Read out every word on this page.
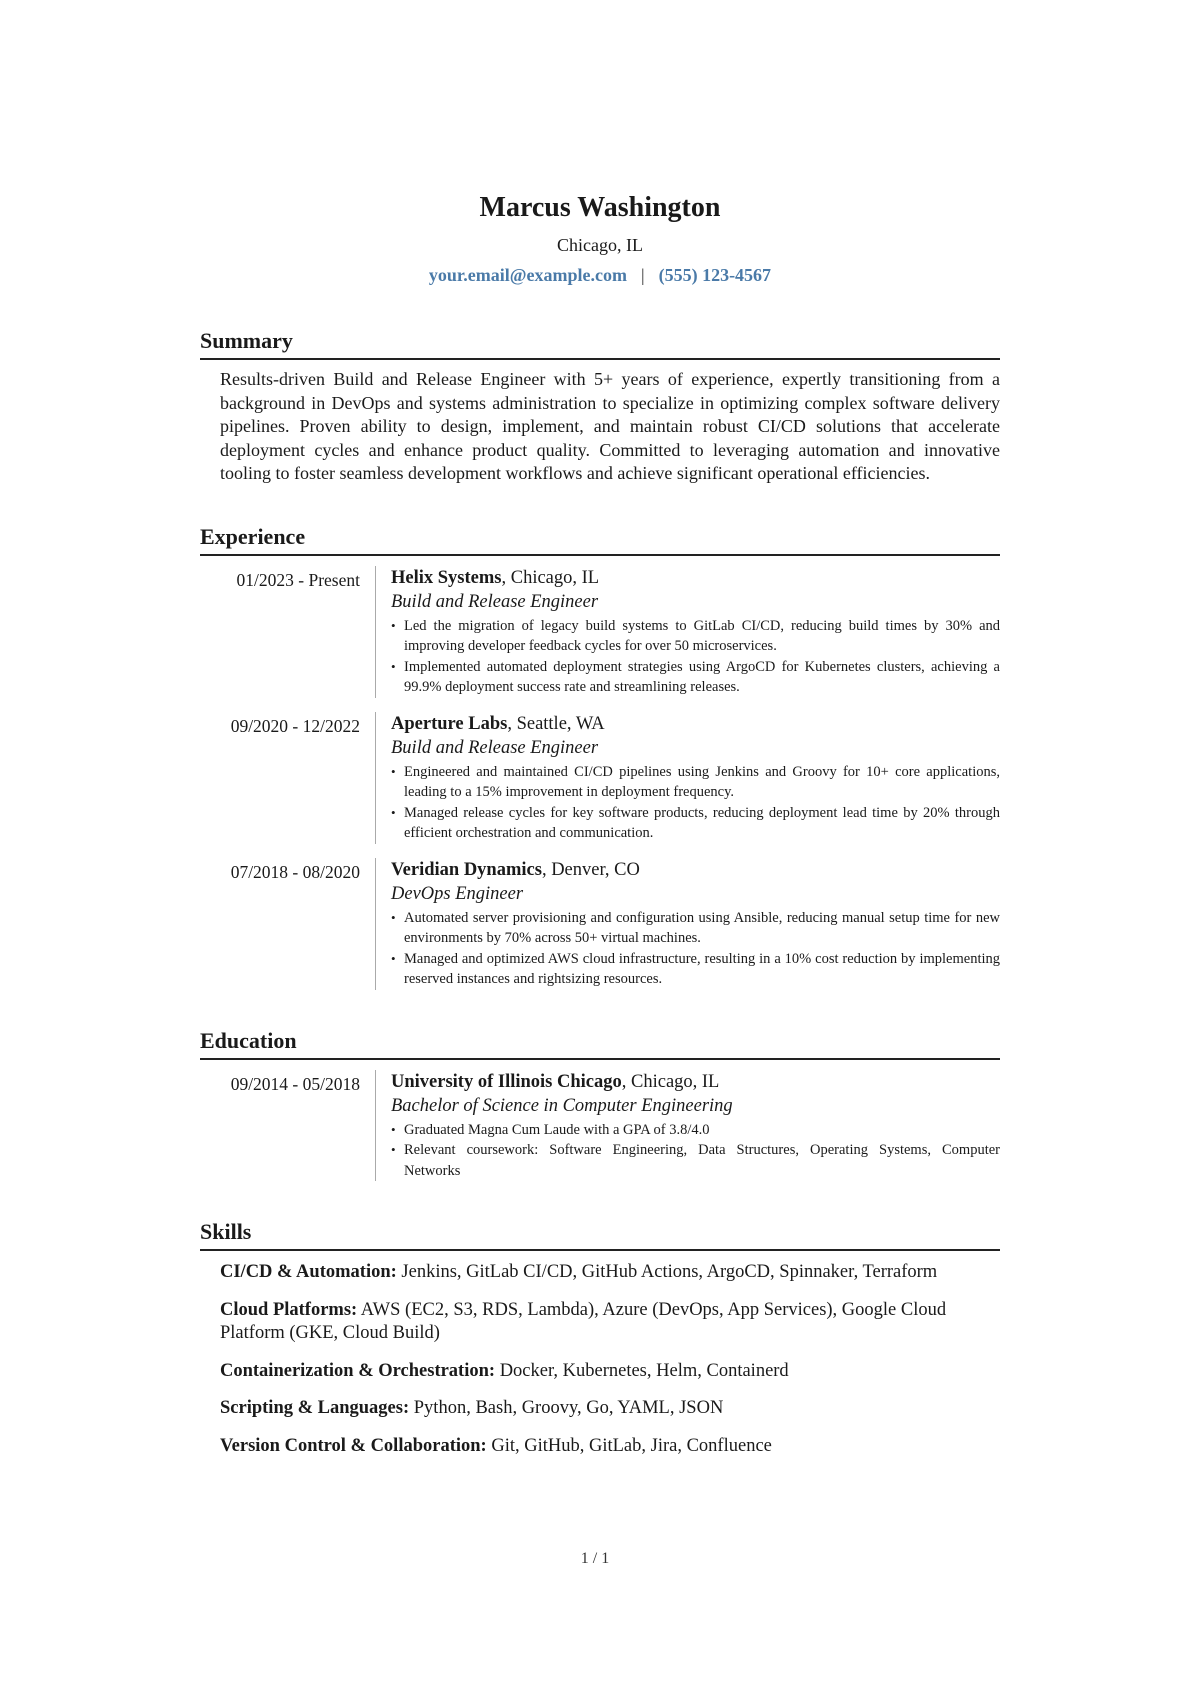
Marcus Washington
Chicago, IL
your.email@example.com | (555) 123-4567
Summary

Results-driven Build and Release Engineer with 5+ years of experience, expertly transitioning from a background in DevOps and systems administration to specialize in optimizing complex software delivery pipelines. Proven ability to design, implement, and maintain robust CI/CD solutions that accelerate deployment cycles and enhance product quality. Committed to leveraging automation and innovative tooling to foster seamless development workflows and achieve significant operational efficiencies.

Experience
01/2023 - Present	Helix Systems, Chicago, IL
Build and Release Engineer
• Led the migration of legacy build systems to GitLab CI/CD, reducing build times by 30% and improving developer feedback cycles for over 50 microservices.
• Implemented automated deployment strategies using ArgoCD for Kubernetes clusters, achieving a 99.9% deployment success rate and streamlining releases.
09/2020 - 12/2022	Aperture Labs, Seattle, WA
Build and Release Engineer
• Engineered and maintained CI/CD pipelines using Jenkins and Groovy for 10+ core applications, leading to a 15% improvement in deployment frequency.
• Managed release cycles for key software products, reducing deployment lead time by 20% through efficient orchestration and communication.
07/2018 - 08/2020	Veridian Dynamics, Denver, CO
DevOps Engineer
• Automated server provisioning and configuration using Ansible, reducing manual setup time for new environments by 70% across 50+ virtual machines.
• Managed and optimized AWS cloud infrastructure, resulting in a 10% cost reduction by implementing reserved instances and rightsizing resources.
Education
09/2014 - 05/2018	University of Illinois Chicago, Chicago, IL
Bachelor of Science in Computer Engineering
• Graduated Magna Cum Laude with a GPA of 3.8/4.0
• Relevant coursework: Software Engineering, Data Structures, Operating Systems, Computer Networks
Skills
CI/CD & Automation: Jenkins, GitLab CI/CD, GitHub Actions, ArgoCD, Spinnaker, Terraform
Cloud Platforms: AWS (EC2, S3, RDS, Lambda), Azure (DevOps, App Services), Google Cloud Platform (GKE, Cloud Build)
Containerization & Orchestration: Docker, Kubernetes, Helm, Containerd
Scripting & Languages: Python, Bash, Groovy, Go, YAML, JSON
Version Control & Collaboration: Git, GitHub, GitLab, Jira, Confluence
1 / 1
